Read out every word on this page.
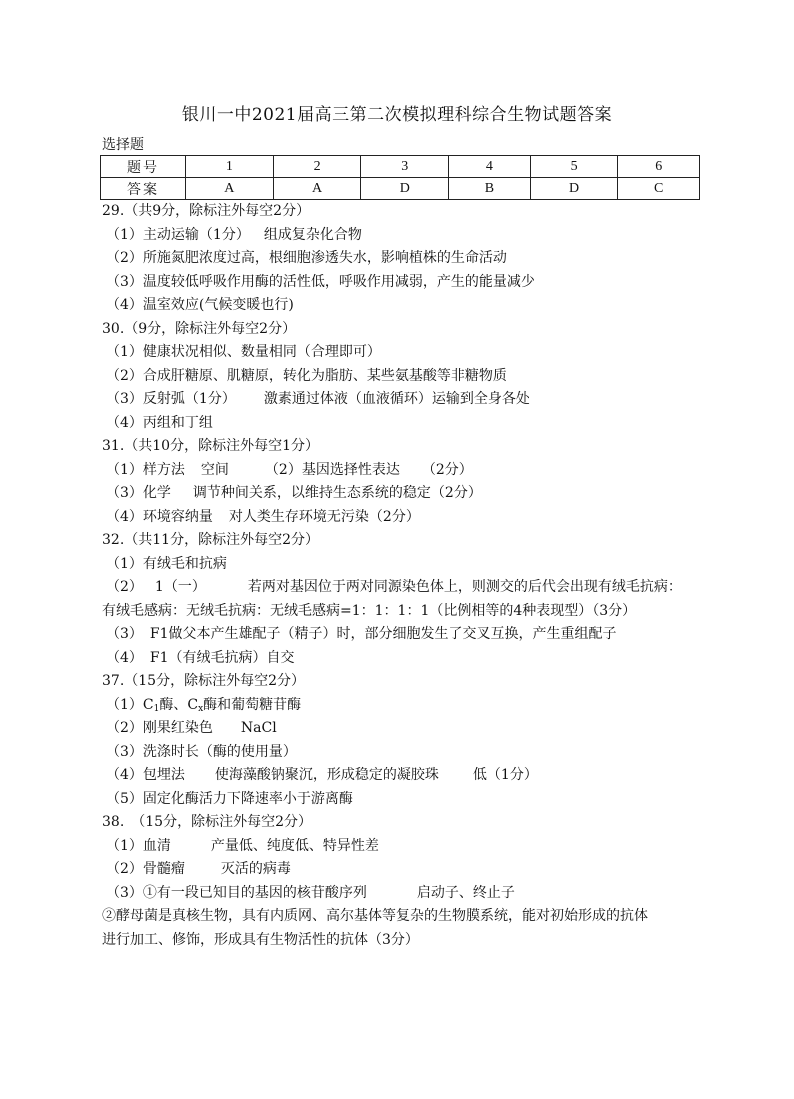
银川一中2021届高三第二次模拟理科综合生物试题答案
选择题
题号	1	2	3	4	5	6
答案	A	A	D	B	D	C
29.（共9分，除标注外每空2分）
（1）主动运输（1分） 组成复杂化合物
（2）所施氮肥浓度过高，根细胞渗透失水，影响植株的生命活动
（3）温度较低呼吸作用酶的活性低，呼吸作用减弱，产生的能量减少
（4）温室效应(气候变暖也行)
30.（9分，除标注外每空2分）
（1）健康状况相似、数量相同（合理即可）
（2）合成肝糖原、肌糖原，转化为脂肪、某些氨基酸等非糖物质
（3）反射弧（1分） 激素通过体液（血液循环）运输到全身各处
（4）丙组和丁组
31.（共10分，除标注外每空1分）
（1）样方法 空间	（2）基因选择性表达 （2分）
（3）化学 调节种间关系，以维持生态系统的稳定（2分）
（4）环境容纳量 对人类生存环境无污染（2分）
32.（共11分，除标注外每空2分）
（1）有绒毛和抗病
（2） 1（一）	若两对基因位于两对同源染色体上，则测交的后代会出现有绒毛抗病：
有绒毛感病：无绒毛抗病：无绒毛感病=1：1：1：1（比例相等的4种表现型）（3分）
（3）　F1做父本产生雄配子（精子）时，部分细胞发生了交叉互换，产生重组配子
（4）　F1（有绒毛抗病）自交
37.（15分，除标注外每空2分）
$(1)C_1$酶、$C_x$酶和葡萄糖苷酶
（2）刚果红染色 NaCl
（3）洗涤时长（酶的使用量）
（4）包埋法 使海藻酸钠聚沉，形成稳定的凝胶珠 低（1分）
（5）固定化酶活力下降速率小于游离酶
38.　（15分，除标注外每空2分）
（1）血清	产量低、纯度低、特异性差
（2）骨髓瘤	灭活的病毒
（3）①有一段已知目的基因的核苷酸序列	启动子、终止子
②酵母菌是真核生物，具有内质网、高尔基体等复杂的生物膜系统，能对初始形成的抗体
进行加工、修饰，形成具有生物活性的抗体（3分）
